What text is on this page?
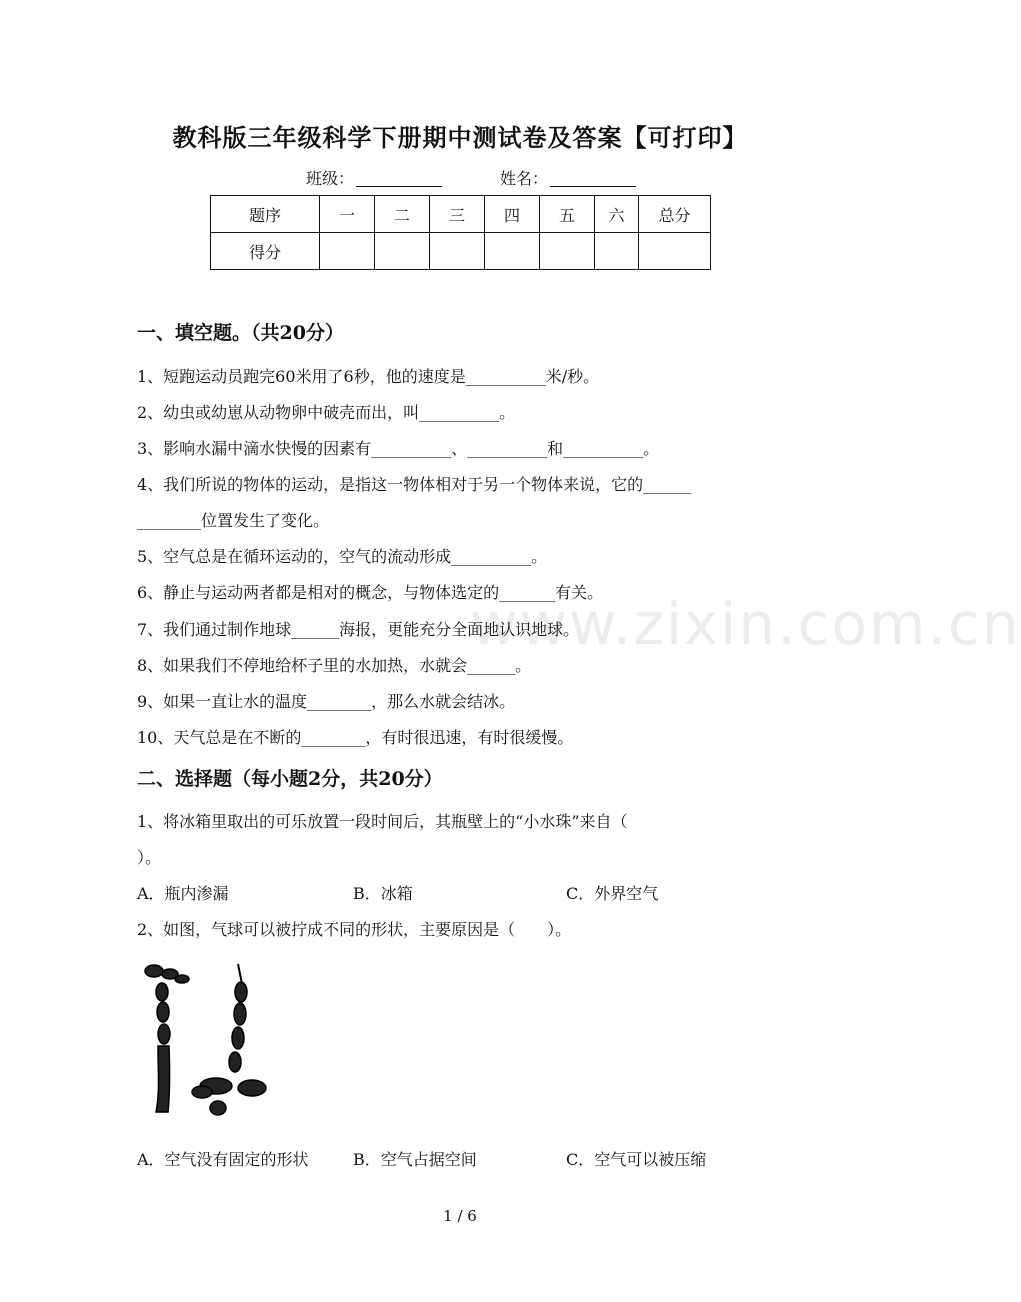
教科版三年级科学下册期中测试卷及答案【可打印】
班级：	姓名：
题序	一	二	三	四	五	六	总分
得分							
www.zixin.com.cn
一、填空题。（共20分）
1、短跑运动员跑完60米用了6秒，他的速度是__________米/秒。
2、幼虫或幼崽从动物卵中破壳而出，叫__________。
3、影响水漏中滴水快慢的因素有__________、__________和__________。
4、我们所说的物体的运动，是指这一物体相对于另一个物体来说，它的______
________位置发生了变化。
5、空气总是在循环运动的，空气的流动形成__________。
6、静止与运动两者都是相对的概念，与物体选定的_______有关。
7、我们通过制作地球______海报，更能充分全面地认识地球。
8、如果我们不停地给杯子里的水加热，水就会______。
9、如果一直让水的温度________，那么水就会结冰。
10、天气总是在不断的________，有时很迅速，有时很缓慢。
二、选择题（每小题2分，共20分）
1、将冰箱里取出的可乐放置一段时间后，其瓶壁上的“小水珠”来自（
）。
A．瓶内渗漏	B．冰箱	C．外界空气
2、如图，气球可以被拧成不同的形状，主要原因是（　　）。
A．空气没有固定的形状	B．空气占据空间	C．空气可以被压缩
1 / 6
